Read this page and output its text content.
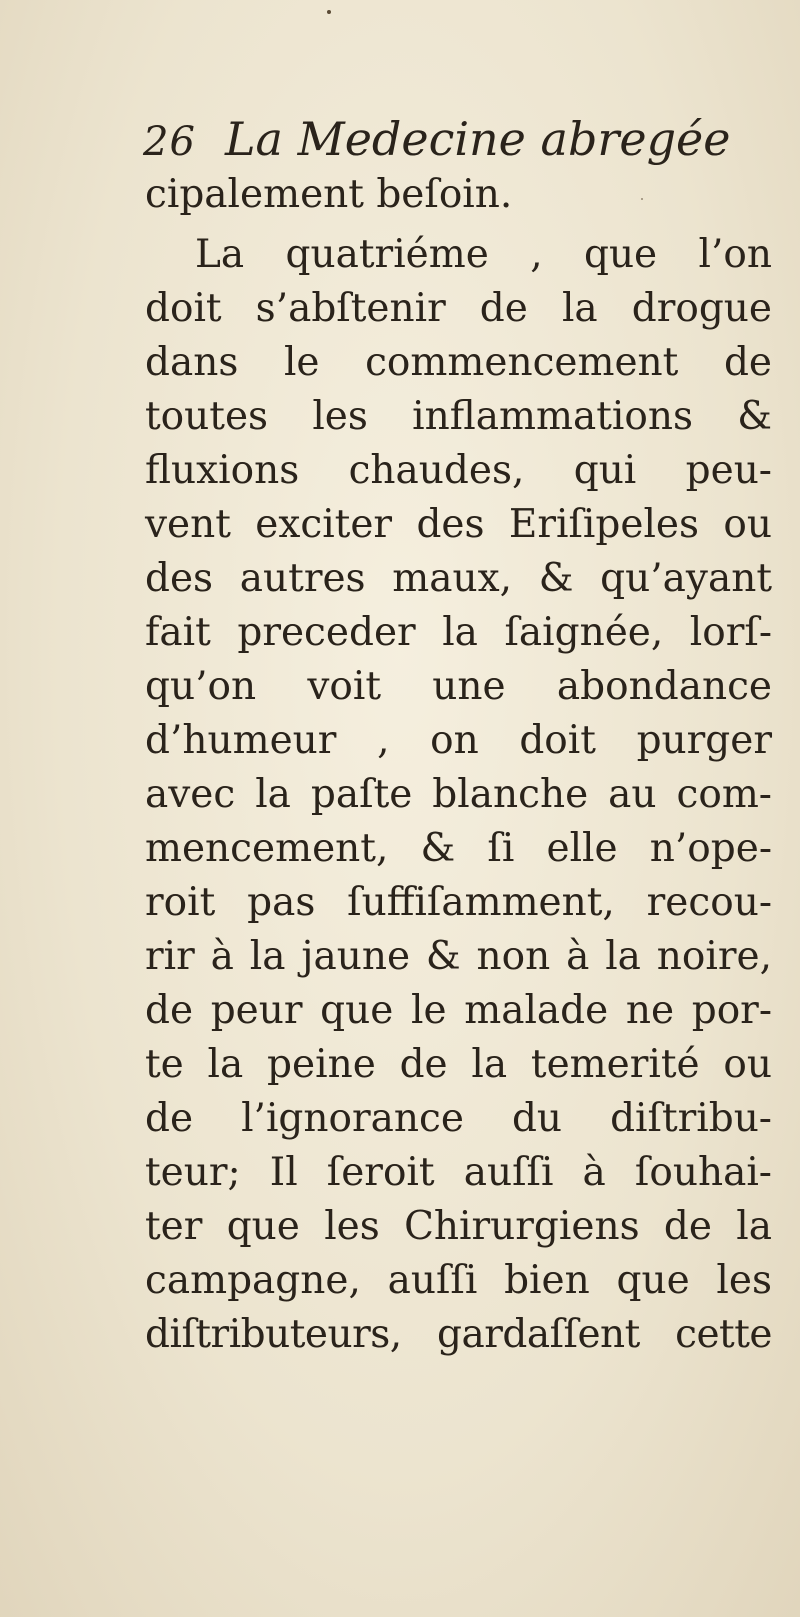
26 La Medecine abregée
cipalement beſoin.
La quatriéme , que l’on
doit s’abſtenir de la drogue
dans le commencement de
toutes les inflammations &
fluxions chaudes, qui peu-
vent exciter des Eriſipeles ou
des autres maux, & qu’ayant
fait preceder la ſaignée, lorſ-
qu’on voit une abondance
d’humeur , on doit purger
avec la paſte blanche au com-
mencement, & ſi elle n’ope-
roit pas ſuffiſamment, recou-
rir à la jaune & non à la noire,
de peur que le malade ne por-
te la peine de la temerité ou
de l’ignorance du diſtribu-
teur; Il ſeroit auſſi à ſouhai-
ter que les Chirurgiens de la
campagne, auſſi bien que les
diſtributeurs, gardaſſent cette
